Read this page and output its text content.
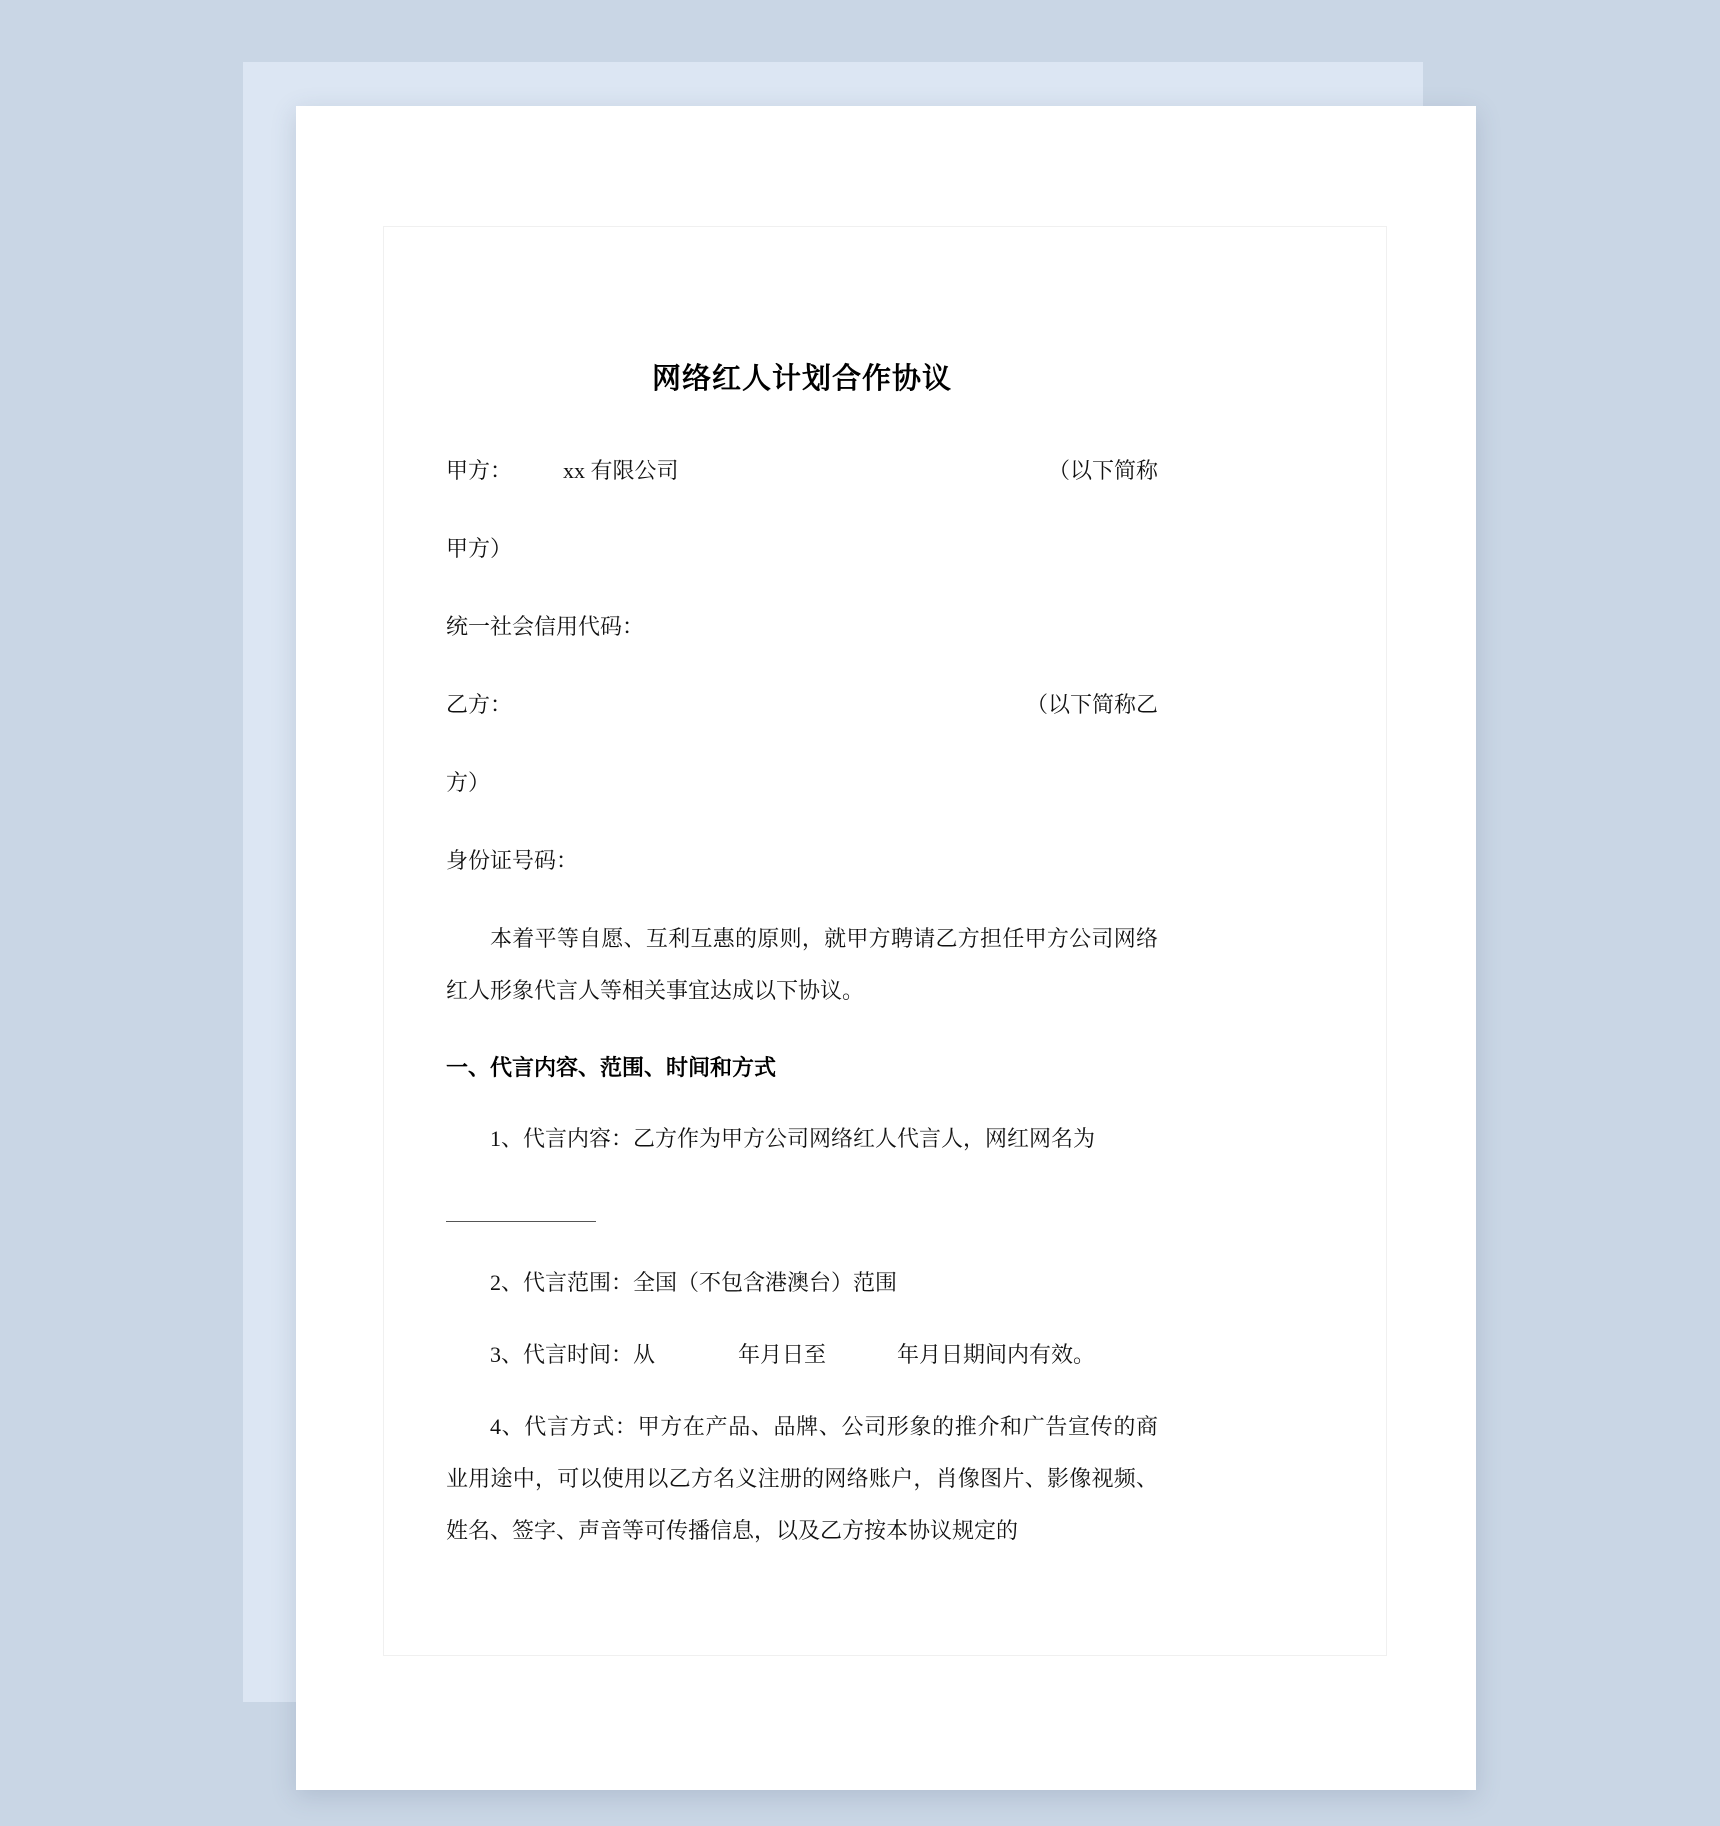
网络红人计划合作协议

甲方： xx 有限公司	（以下简称

甲方）

统一社会信用代码：

乙方：	（以下简称乙

方）

身份证号码：

本着平等自愿、互利互惠的原则，就甲方聘请乙方担任甲方公司网络红人形象代言人等相关事宜达成以下协议。

一、代言内容、范围、时间和方式

1、代言内容：乙方作为甲方公司网络红人代言人，网红网名为

2、代言范围：全国（不包含港澳台）范围

3、代言时间：从	年月日至	年月日期间内有效。

4、代言方式：甲方在产品、品牌、公司形象的推介和广告宣传的商业用途中，可以使用以乙方名义注册的网络账户，肖像图片、影像视频、姓名、签字、声音等可传播信息，以及乙方按本协议规定的
